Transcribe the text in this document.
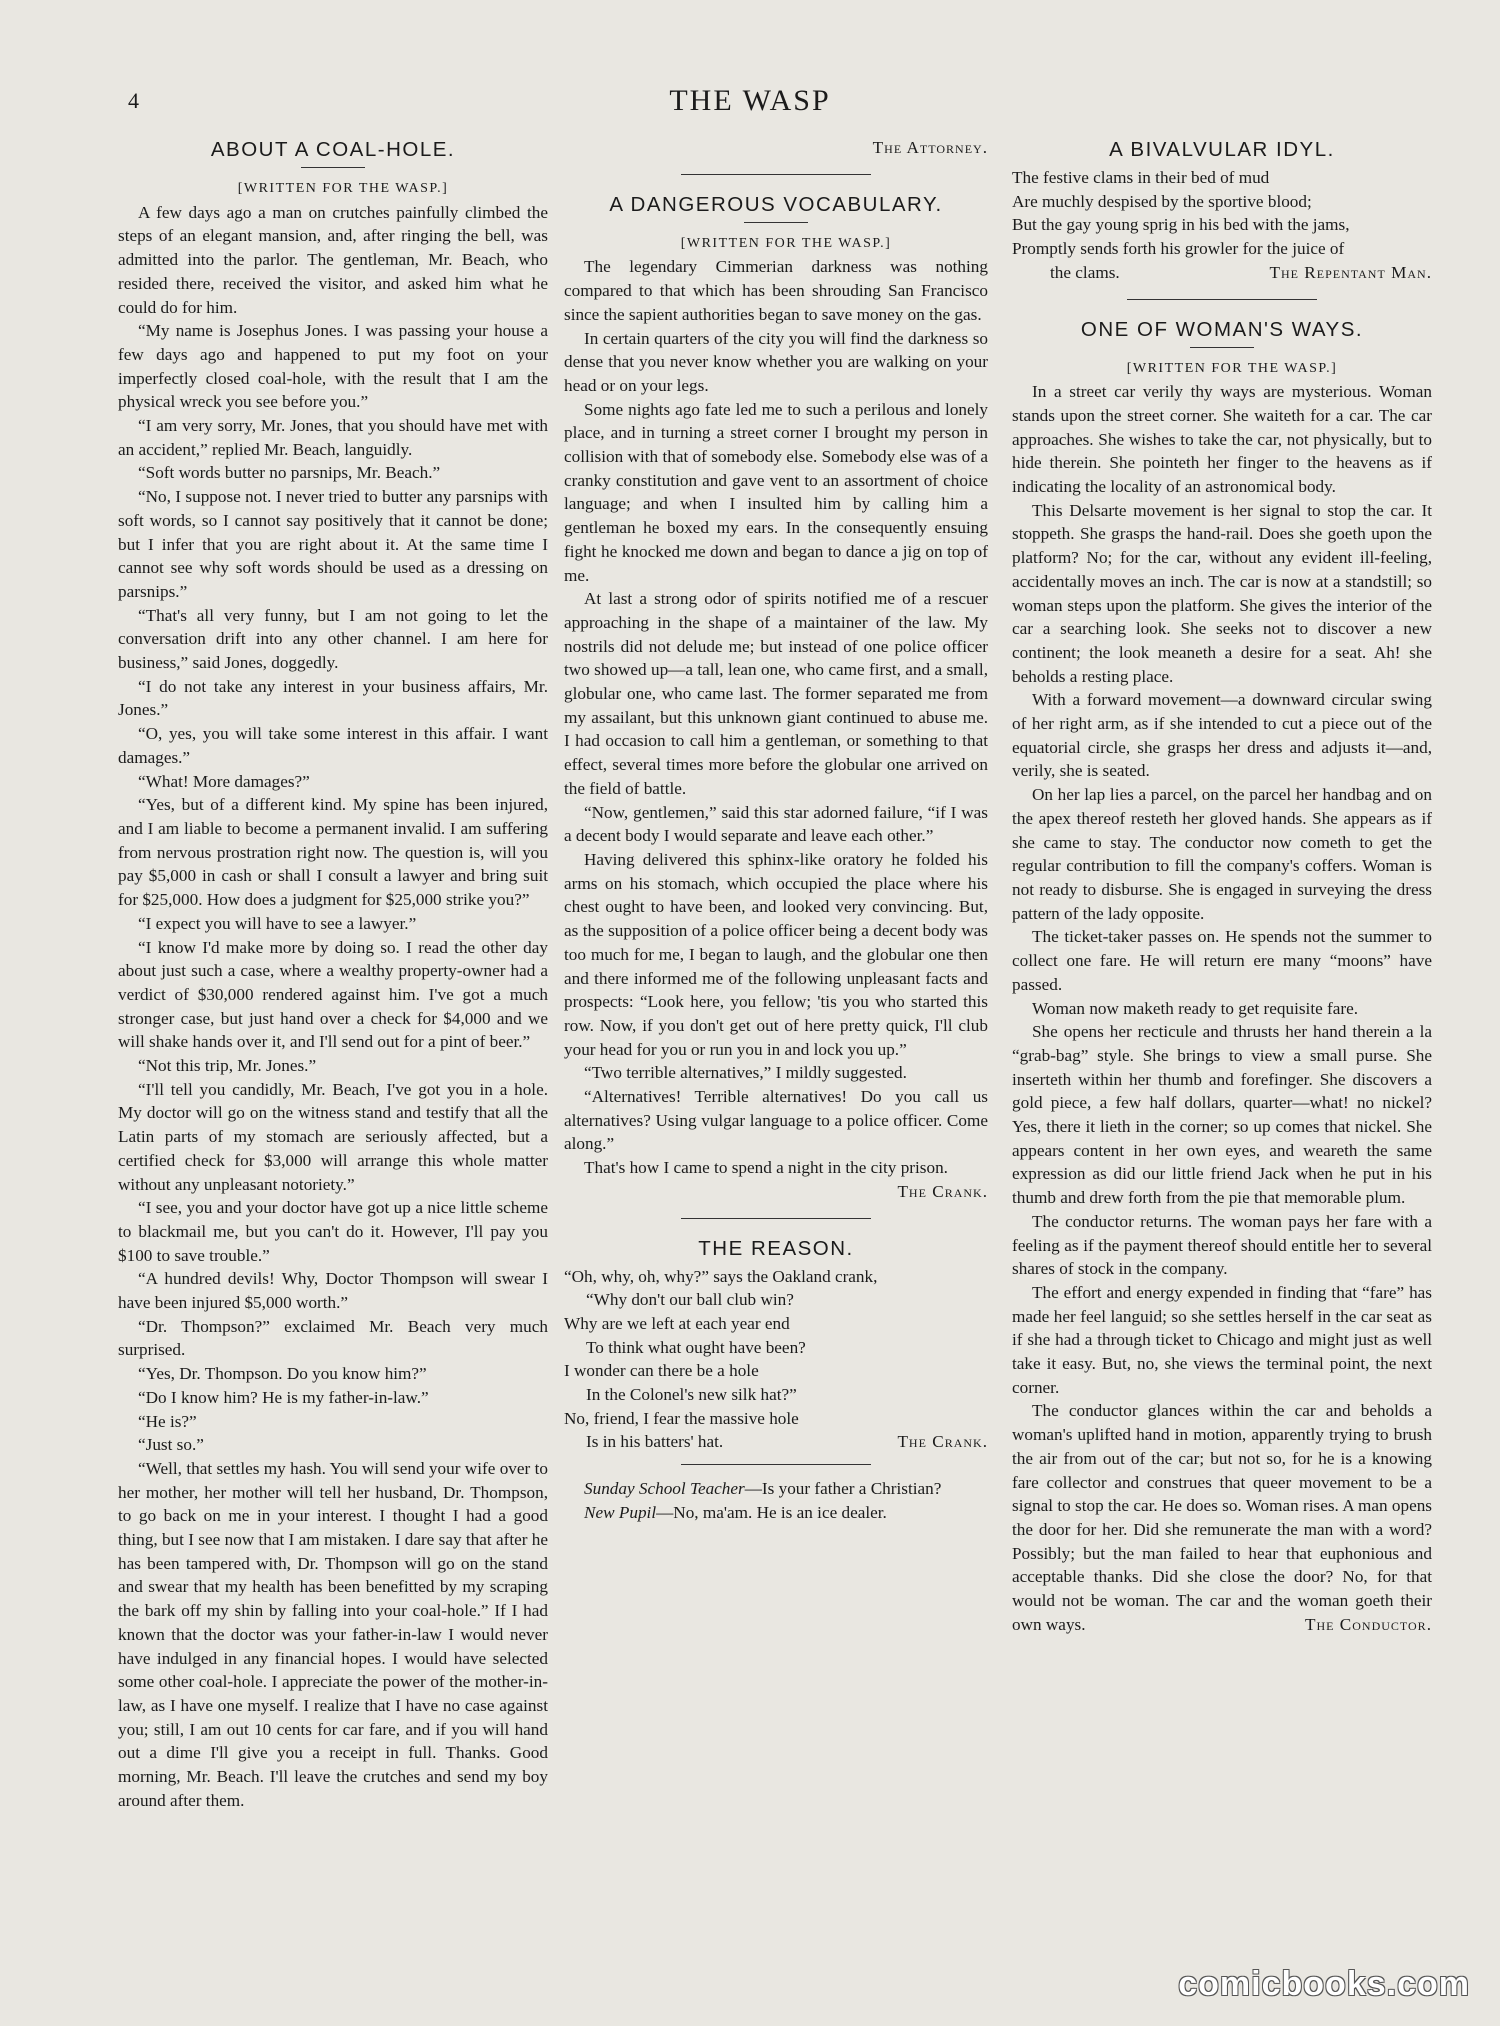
4	THE WASP
ABOUT A COAL-HOLE.

[WRITTEN FOR THE WASP.]

A few days ago a man on crutches painfully climbed the steps of an elegant mansion, and, after ringing the bell, was admitted into the parlor. The gentleman, Mr. Beach, who resided there, received the visitor, and asked him what he could do for him.

“My name is Josephus Jones. I was passing your house a few days ago and happened to put my foot on your imperfectly closed coal-hole, with the result that I am the physical wreck you see before you.”

“I am very sorry, Mr. Jones, that you should have met with an accident,” replied Mr. Beach, languidly.

“Soft words butter no parsnips, Mr. Beach.”

“No, I suppose not. I never tried to butter any parsnips with soft words, so I cannot say positively that it cannot be done; but I infer that you are right about it. At the same time I cannot see why soft words should be used as a dressing on parsnips.”

“That's all very funny, but I am not going to let the conversation drift into any other channel. I am here for business,” said Jones, doggedly.

“I do not take any interest in your business affairs, Mr. Jones.”

“O, yes, you will take some interest in this affair. I want damages.”

“What! More damages?”

“Yes, but of a different kind. My spine has been injured, and I am liable to become a permanent invalid. I am suffering from nervous prostration right now. The question is, will you pay $5,000 in cash or shall I consult a lawyer and bring suit for $25,000. How does a judgment for $25,000 strike you?”

“I expect you will have to see a lawyer.”

“I know I'd make more by doing so. I read the other day about just such a case, where a wealthy property-owner had a verdict of $30,000 rendered against him. I've got a much stronger case, but just hand over a check for $4,000 and we will shake hands over it, and I'll send out for a pint of beer.”

“Not this trip, Mr. Jones.”

“I'll tell you candidly, Mr. Beach, I've got you in a hole. My doctor will go on the witness stand and testify that all the Latin parts of my stomach are seriously affected, but a certified check for $3,000 will arrange this whole matter without any unpleasant notoriety.”

“I see, you and your doctor have got up a nice little scheme to blackmail me, but you can't do it. However, I'll pay you $100 to save trouble.”

“A hundred devils! Why, Doctor Thompson will swear I have been injured $5,000 worth.”

“Dr. Thompson?” exclaimed Mr. Beach very much surprised.

“Yes, Dr. Thompson. Do you know him?”

“Do I know him? He is my father-in-law.”

“He is?”

“Just so.”

“Well, that settles my hash. You will send your wife over to her mother, her mother will tell her husband, Dr. Thompson, to go back on me in your interest. I thought I had a good thing, but I see now that I am mistaken. I dare say that after he has been tampered with, Dr. Thompson will go on the stand and swear that my health has been benefitted by my scraping the bark off my shin by falling into your coal-hole.” If I had known that the doctor was your father-in-law I would never have indulged in any financial hopes. I would have selected some other coal-hole. I appreciate the power of the mother-in-law, as I have one myself. I realize that I have no case against you; still, I am out 10 cents for car fare, and if you will hand out a dime I'll give you a receipt in full. Thanks. Good morning, Mr. Beach. I'll leave the crutches and send my boy around after them.

The Attorney.

A DANGEROUS VOCABULARY.

[WRITTEN FOR THE WASP.]

The legendary Cimmerian darkness was nothing compared to that which has been shrouding San Francisco since the sapient authorities began to save money on the gas.

In certain quarters of the city you will find the darkness so dense that you never know whether you are walking on your head or on your legs.

Some nights ago fate led me to such a perilous and lonely place, and in turning a street corner I brought my person in collision with that of somebody else. Somebody else was of a cranky constitution and gave vent to an assortment of choice language; and when I insulted him by calling him a gentleman he boxed my ears. In the consequently ensuing fight he knocked me down and began to dance a jig on top of me.

At last a strong odor of spirits notified me of a rescuer approaching in the shape of a maintainer of the law. My nostrils did not delude me; but instead of one police officer two showed up—a tall, lean one, who came first, and a small, globular one, who came last. The former separated me from my assailant, but this unknown giant continued to abuse me. I had occasion to call him a gentleman, or something to that effect, several times more before the globular one arrived on the field of battle.

“Now, gentlemen,” said this star adorned failure, “if I was a decent body I would separate and leave each other.”

Having delivered this sphinx-like oratory he folded his arms on his stomach, which occupied the place where his chest ought to have been, and looked very convincing. But, as the supposition of a police officer being a decent body was too much for me, I began to laugh, and the globular one then and there informed me of the following unpleasant facts and prospects: “Look here, you fellow; 'tis you who started this row. Now, if you don't get out of here pretty quick, I'll club your head for you or run you in and lock you up.”

“Two terrible alternatives,” I mildly suggested.

“Alternatives! Terrible alternatives! Do you call us alternatives? Using vulgar language to a police officer. Come along.”

That's how I came to spend a night in the city prison.
The Crank.

THE REASON.

“Oh, why, oh, why?” says the Oakland crank,

“Why don't our ball club win?

Why are we left at each year end

To think what ought have been?

I wonder can there be a hole

In the Colonel's new silk hat?”

No, friend, I fear the massive hole

Is in his batters' hat.	The Crank.

Sunday School Teacher—Is your father a Christian?

New Pupil—No, ma'am. He is an ice dealer.

A BIVALVULAR IDYL.

The festive clams in their bed of mud

Are muchly despised by the sportive blood;

But the gay young sprig in his bed with the jams,

Promptly sends forth his growler for the juice of

the clams.	The Repentant Man.

ONE OF WOMAN'S WAYS.

[WRITTEN FOR THE WASP.]

In a street car verily thy ways are mysterious. Woman stands upon the street corner. She waiteth for a car. The car approaches. She wishes to take the car, not physically, but to hide therein. She pointeth her finger to the heavens as if indicating the locality of an astronomical body.

This Delsarte movement is her signal to stop the car. It stoppeth. She grasps the hand-rail. Does she goeth upon the platform? No; for the car, without any evident ill-feeling, accidentally moves an inch. The car is now at a standstill; so woman steps upon the platform. She gives the interior of the car a searching look. She seeks not to discover a new continent; the look meaneth a desire for a seat. Ah! she beholds a resting place.

With a forward movement—a downward circular swing of her right arm, as if she intended to cut a piece out of the equatorial circle, she grasps her dress and adjusts it—and, verily, she is seated.

On her lap lies a parcel, on the parcel her handbag and on the apex thereof resteth her gloved hands. She appears as if she came to stay. The conductor now cometh to get the regular contribution to fill the company's coffers. Woman is not ready to disburse. She is engaged in surveying the dress pattern of the lady opposite.

The ticket-taker passes on. He spends not the summer to collect one fare. He will return ere many “moons” have passed.

Woman now maketh ready to get requisite fare.

She opens her recticule and thrusts her hand therein a la “grab-bag” style. She brings to view a small purse. She inserteth within her thumb and forefinger. She discovers a gold piece, a few half dollars, quarter—what! no nickel? Yes, there it lieth in the corner; so up comes that nickel. She appears content in her own eyes, and weareth the same expression as did our little friend Jack when he put in his thumb and drew forth from the pie that memorable plum.

The conductor returns. The woman pays her fare with a feeling as if the payment thereof should entitle her to several shares of stock in the company.

The effort and energy expended in finding that “fare” has made her feel languid; so she settles herself in the car seat as if she had a through ticket to Chicago and might just as well take it easy. But, no, she views the terminal point, the next corner.

The conductor glances within the car and beholds a woman's uplifted hand in motion, apparently trying to brush the air from out of the car; but not so, for he is a knowing fare collector and construes that queer movement to be a signal to stop the car. He does so. Woman rises. A man opens the door for her. Did she remunerate the man with a word? Possibly; but the man failed to hear that euphonious and acceptable thanks. Did she close the door? No, for that would not be woman. The car and the woman goeth their own ways.	The Conductor.

comicbooks.com
